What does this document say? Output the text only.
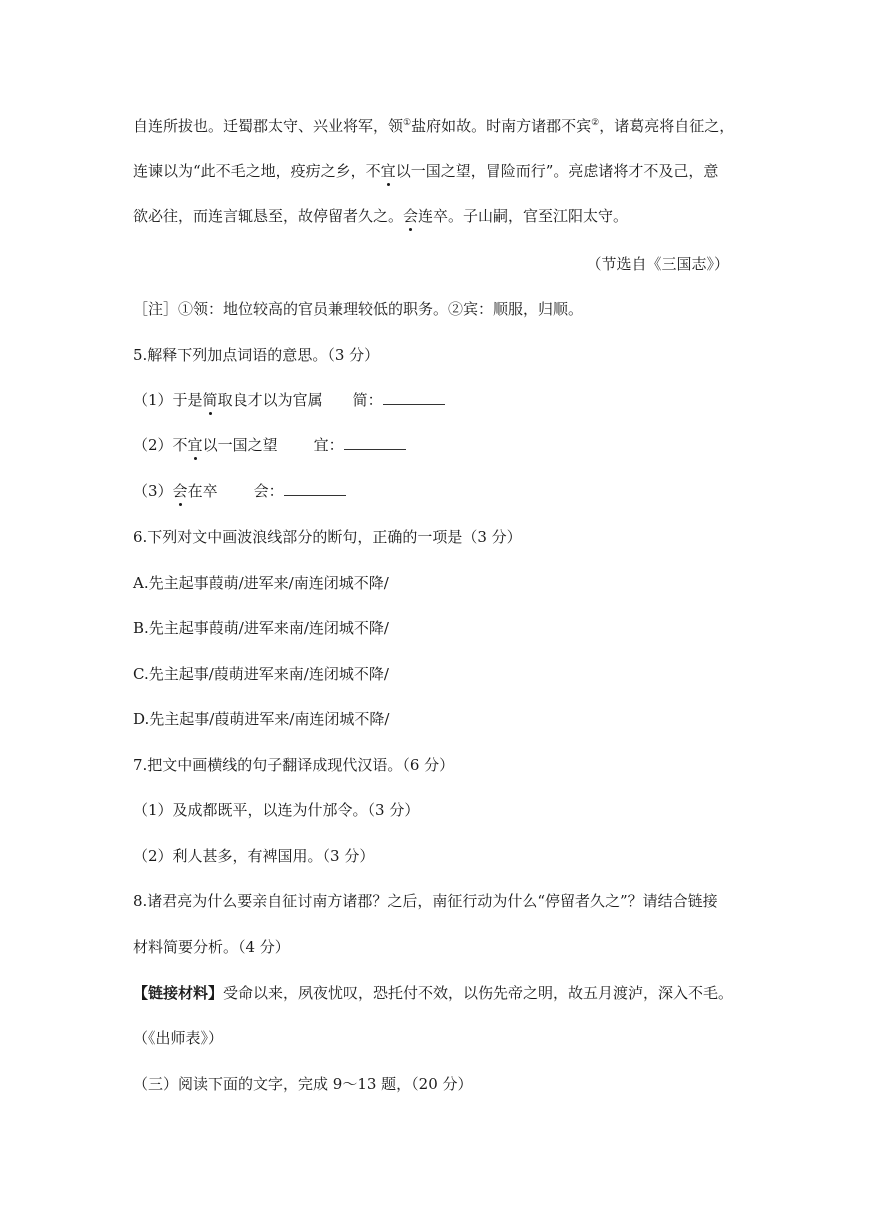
自连所拔也。迁蜀郡太守、兴业将军，领①盐府如故。时南方诸郡不宾②，诸葛亮将自征之，
连谏以为“此不毛之地，疫疠之乡，不宜以一国之望，冒险而行”。亮虑诸将才不及己，意
欲必往，而连言辄恳至，故停留者久之。会连卒。子山嗣，官至江阳太守。
（节选自《三国志》）
［注］①领：地位较高的官员兼理较低的职务。②宾：顺服，归顺。
5.解释下列加点词语的意思。（3 分）
（1）于是简取良才以为官属 简：
（2）不宜以一国之望 宜：
（3）会在卒 会：
6.下列对文中画波浪线部分的断句，正确的一项是（3 分）
A.先主起事葭萌/进军来/南连闭城不降/
B.先主起事葭萌/进军来南/连闭城不降/
C.先主起事/葭萌进军来南/连闭城不降/
D.先主起事/葭萌进军来/南连闭城不降/
7.把文中画横线的句子翻译成现代汉语。（6 分）
（1）及成都既平，以连为什邡令。（3 分）
（2）利人甚多，有裨国用。（3 分）
8.诸君亮为什么要亲自征讨南方诸郡？之后，南征行动为什么“停留者久之”？请结合链接
材料简要分析。（4 分）
【链接材料】受命以来，夙夜忧叹，恐托付不效，以伤先帝之明，故五月渡泸，深入不毛。
（《出师表》）
（三）阅读下面的文字，完成 9～13 题，（20 分）
